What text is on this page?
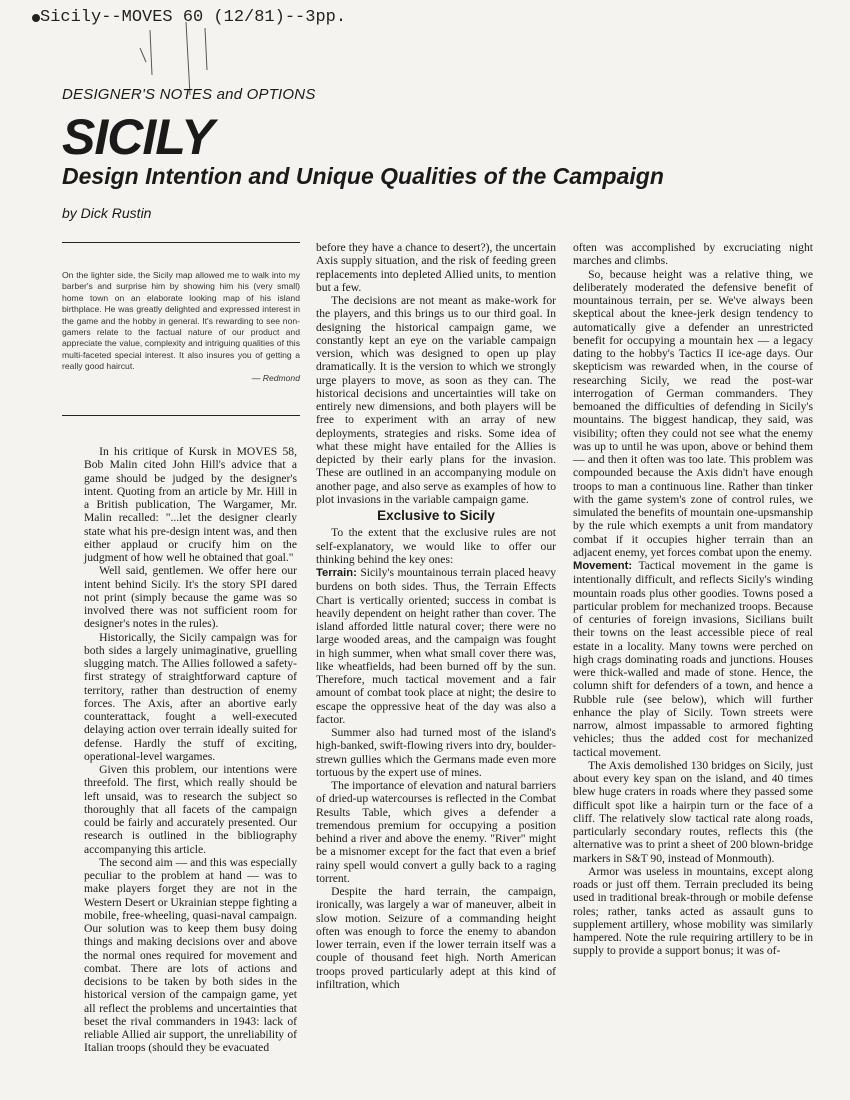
Sicily--MOVES 60 (12/81)--3pp.
DESIGNER'S NOTES and OPTIONS
SICILY
Design Intention and Unique Qualities of the Campaign
by Dick Rustin
On the lighter side, the Sicily map allowed me to walk into my barber's and surprise him by showing him his (very small) home town on an elaborate looking map of his island birthplace. He was greatly delighted and expressed interest in the game and the hobby in general. It's rewarding to see non-gamers relate to the factual nature of our product and appreciate the value, complexity and intriguing qualities of this multi-faceted special interest. It also insures you of getting a really good haircut.
— Redmond

In his critique of Kursk in MOVES 58, Bob Malin cited John Hill's advice that a game should be judged by the designer's intent. Quoting from an article by Mr. Hill in a British publication, The Wargamer, Mr. Malin recalled: "...let the designer clearly state what his pre-design intent was, and then either applaud or crucify him on the judgment of how well he obtained that goal."

Well said, gentlemen. We offer here our intent behind Sicily. It's the story SPI dared not print (simply because the game was so involved there was not sufficient room for designer's notes in the rules).

Historically, the Sicily campaign was for both sides a largely unimaginative, gruelling slugging match. The Allies followed a safety-first strategy of straightforward capture of territory, rather than destruction of enemy forces. The Axis, after an abortive early counterattack, fought a well-executed delaying action over terrain ideally suited for defense. Hardly the stuff of exciting, operational-level wargames.

Given this problem, our intentions were threefold. The first, which really should be left unsaid, was to research the subject so thoroughly that all facets of the campaign could be fairly and accurately presented. Our research is outlined in the bibliography accompanying this article.

The second aim — and this was especially peculiar to the problem at hand — was to make players forget they are not in the Western Desert or Ukrainian steppe fighting a mobile, free-wheeling, quasi-naval campaign. Our solution was to keep them busy doing things and making decisions over and above the normal ones required for movement and combat. There are lots of actions and decisions to be taken by both sides in the historical version of the campaign game, yet all reflect the problems and uncertainties that beset the rival commanders in 1943: lack of reliable Allied air support, the unreliability of Italian troops (should they be evacuated

before they have a chance to desert?), the uncertain Axis supply situation, and the risk of feeding green replacements into depleted Allied units, to mention but a few.

The decisions are not meant as make-work for the players, and this brings us to our third goal. In designing the historical campaign game, we constantly kept an eye on the variable campaign version, which was designed to open up play dramatically. It is the version to which we strongly urge players to move, as soon as they can. The historical decisions and uncertainties will take on entirely new dimensions, and both players will be free to experiment with an array of new deployments, strategies and risks. Some idea of what these might have entailed for the Allies is depicted by their early plans for the invasion. These are outlined in an accompanying module on another page, and also serve as examples of how to plot invasions in the variable campaign game.

Exclusive to Sicily

To the extent that the exclusive rules are not self-explanatory, we would like to offer our thinking behind the key ones:

Terrain: Sicily's mountainous terrain placed heavy burdens on both sides. Thus, the Terrain Effects Chart is vertically oriented; success in combat is heavily dependent on height rather than cover. The island afforded little natural cover; there were no large wooded areas, and the campaign was fought in high summer, when what small cover there was, like wheatfields, had been burned off by the sun. Therefore, much tactical movement and a fair amount of combat took place at night; the desire to escape the oppressive heat of the day was also a factor.

Summer also had turned most of the island's high-banked, swift-flowing rivers into dry, boulder-strewn gullies which the Germans made even more tortuous by the expert use of mines.

The importance of elevation and natural barriers of dried-up watercourses is reflected in the Combat Results Table, which gives a defender a tremendous premium for occupying a position behind a river and above the enemy. "River" might be a misnomer except for the fact that even a brief rainy spell would convert a gully back to a raging torrent.

Despite the hard terrain, the campaign, ironically, was largely a war of maneuver, albeit in slow motion. Seizure of a commanding height often was enough to force the enemy to abandon lower terrain, even if the lower terrain itself was a couple of thousand feet high. North American troops proved particularly adept at this kind of infiltration, which

often was accomplished by excruciating night marches and climbs.

So, because height was a relative thing, we deliberately moderated the defensive benefit of mountainous terrain, per se. We've always been skeptical about the knee-jerk design tendency to automatically give a defender an unrestricted benefit for occupying a mountain hex — a legacy dating to the hobby's Tactics II ice-age days. Our skepticism was rewarded when, in the course of researching Sicily, we read the post-war interrogation of German commanders. They bemoaned the difficulties of defending in Sicily's mountains. The biggest handicap, they said, was visibility; often they could not see what the enemy was up to until he was upon, above or behind them — and then it often was too late. This problem was compounded because the Axis didn't have enough troops to man a continuous line. Rather than tinker with the game system's zone of control rules, we simulated the benefits of mountain one-upsmanship by the rule which exempts a unit from mandatory combat if it occupies higher terrain than an adjacent enemy, yet forces combat upon the enemy.

Movement: Tactical movement in the game is intentionally difficult, and reflects Sicily's winding mountain roads plus other goodies. Towns posed a particular problem for mechanized troops. Because of centuries of foreign invasions, Sicilians built their towns on the least accessible piece of real estate in a locality. Many towns were perched on high crags dominating roads and junctions. Houses were thick-walled and made of stone. Hence, the column shift for defenders of a town, and hence a Rubble rule (see below), which will further enhance the play of Sicily. Town streets were narrow, almost impassable to armored fighting vehicles; thus the added cost for mechanized tactical movement.

The Axis demolished 130 bridges on Sicily, just about every key span on the island, and 40 times blew huge craters in roads where they passed some difficult spot like a hairpin turn or the face of a cliff. The relatively slow tactical rate along roads, particularly secondary routes, reflects this (the alternative was to print a sheet of 200 blown-bridge markers in S&T 90, instead of Monmouth).

Armor was useless in mountains, except along roads or just off them. Terrain precluded its being used in traditional break-through or mobile defense roles; rather, tanks acted as assault guns to supplement artillery, whose mobility was similarly hampered. Note the rule requiring artillery to be in supply to provide a support bonus; it was of-
